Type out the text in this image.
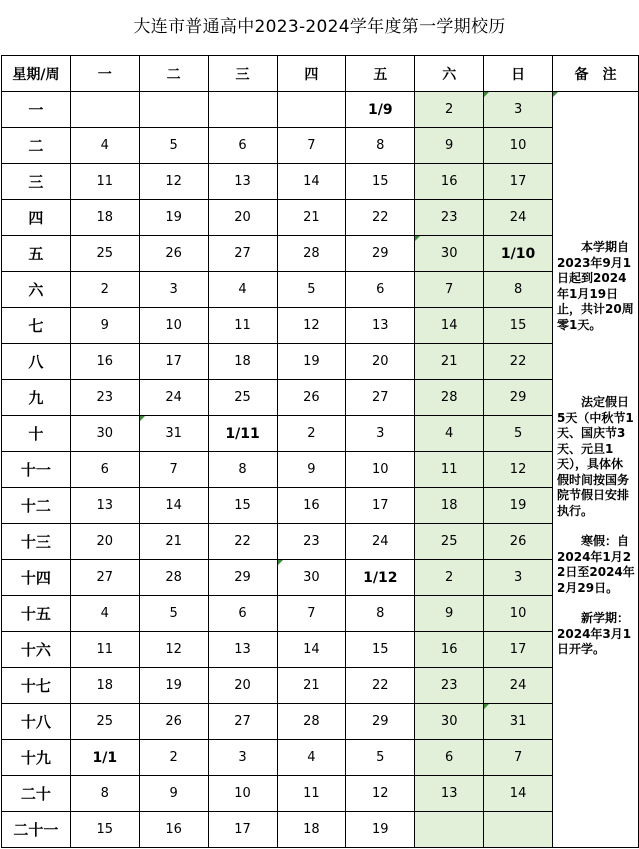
大连市普通高中2023-2024学年度第一学期校历
星期/周	一	二	三	四	五	六	日	备　注
一					1/9	2	3	本学期自2023年9月1日起到2024年1月19日止，共计20周零1天。
法定假日5天（中秋节1天、国庆节3天、元旦1天），具体休假时间按国务院节假日安排执行。
寒假：自2024年1月22日至2024年2月29日。
新学期：2024年3月1日开学。

二	4	5	6	7	8	9	10	
三	11	12	13	14	15	16	17	
四	18	19	20	21	22	23	24	
五	25	26	27	28	29	30	1/10	
六	2	3	4	5	6	7	8	
七	9	10	11	12	13	14	15	
八	16	17	18	19	20	21	22	
九	23	24	25	26	27	28	29	
十	30	31	1/11	2	3	4	5	
十一	6	7	8	9	10	11	12	
十二	13	14	15	16	17	18	19	
十三	20	21	22	23	24	25	26	
十四	27	28	29	30	1/12	2	3	
十五	4	5	6	7	8	9	10	
十六	11	12	13	14	15	16	17	
十七	18	19	20	21	22	23	24	
十八	25	26	27	28	29	30	31	
十九	1/1	2	3	4	5	6	7	
二十	8	9	10	11	12	13	14	
二十一	15	16	17	18	19			
